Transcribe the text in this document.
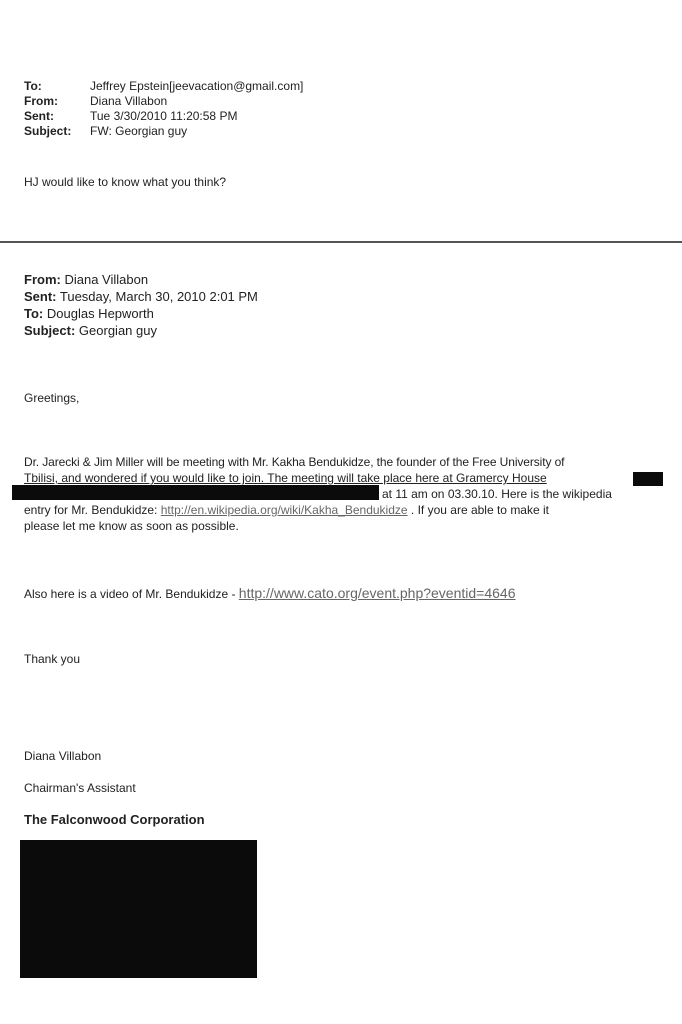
To:	Jeffrey Epstein[jeevacation@gmail.com]
From:	Diana Villabon
Sent:	Tue 3/30/2010 11:20:58 PM
Subject: FW: Georgian guy
HJ would like to know what you think?
From: Diana Villabon
Sent: Tuesday, March 30, 2010 2:01 PM
To: Douglas Hepworth
Subject: Georgian guy
Greetings,
Dr. Jarecki & Jim Miller will be meeting with Mr. Kakha Bendukidze, the founder of the Free University of
Tbilisi, and wondered if you would like to join. The meeting will take place here at Gramercy House
at 11 am on 03.30.10. Here is the wikipedia
entry for Mr. Bendukidze: http://en.wikipedia.org/wiki/Kakha_Bendukidze . If you are able to make it
please let me know as soon as possible.
Also here is a video of Mr. Bendukidze - http://www.cato.org/event.php?eventid=4646
Thank you
Diana Villabon
Chairman's Assistant
The Falconwood Corporation
